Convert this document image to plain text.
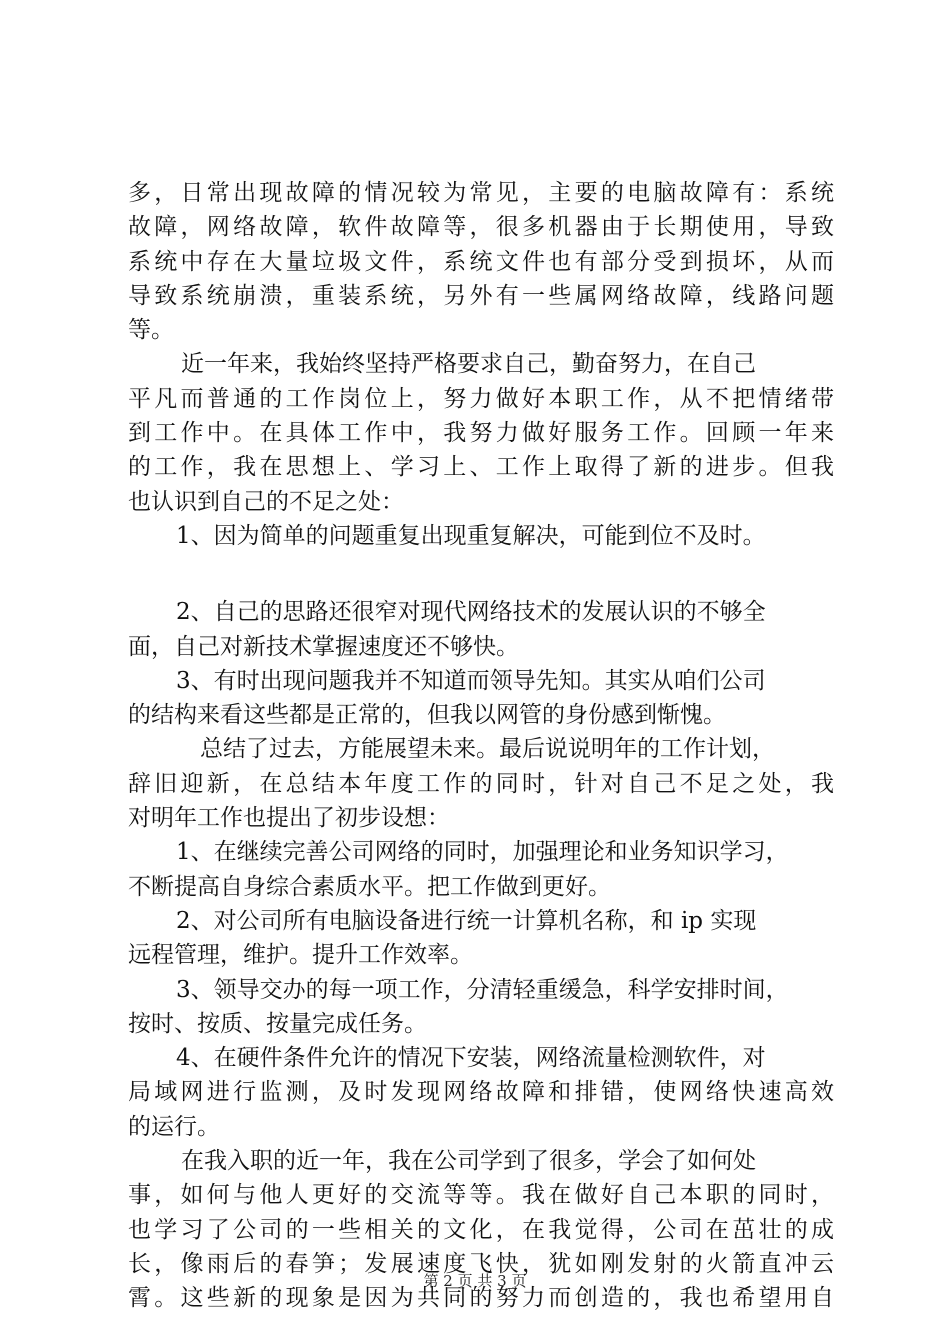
多，日常出现故障的情况较为常见，主要的电脑故障有：系统
故障，网络故障，软件故障等，很多机器由于长期使用，导致
系统中存在大量垃圾文件，系统文件也有部分受到损坏，从而
导致系统崩溃，重装系统，另外有一些属网络故障，线路问题
等。
近一年来，我始终坚持严格要求自己，勤奋努力，在自己
平凡而普通的工作岗位上，努力做好本职工作，从不把情绪带
到工作中。在具体工作中，我努力做好服务工作。回顾一年来
的工作，我在思想上、学习上、工作上取得了新的进步。但我
也认识到自己的不足之处：
1、因为简单的问题重复出现重复解决，可能到位不及时。
2、自己的思路还很窄对现代网络技术的发展认识的不够全
面，自己对新技术掌握速度还不够快。
3、有时出现问题我并不知道而领导先知。其实从咱们公司
的结构来看这些都是正常的，但我以网管的身份感到惭愧。
总结了过去，方能展望未来。最后说说明年的工作计划，
辞旧迎新，在总结本年度工作的同时，针对自己不足之处，我
对明年工作也提出了初步设想：
1、在继续完善公司网络的同时，加强理论和业务知识学习，
不断提高自身综合素质水平。把工作做到更好。
2、对公司所有电脑设备进行统一计算机名称，和 ip 实现
远程管理，维护。提升工作效率。
3、领导交办的每一项工作，分清轻重缓急，科学安排时间，
按时、按质、按量完成任务。
4、在硬件条件允许的情况下安装，网络流量检测软件，对
局域网进行监测，及时发现网络故障和排错，使网络快速高效
的运行。
在我入职的近一年，我在公司学到了很多，学会了如何处
事，如何与他人更好的交流等等。我在做好自己本职的同时，
也学习了公司的一些相关的文化，在我觉得，公司在茁壮的成
长，像雨后的春笋；发展速度飞快，犹如刚发射的火箭直冲云
霄。这些新的现象是因为共同的努力而创造的，我也希望用自
第 2 页 共 3 页
